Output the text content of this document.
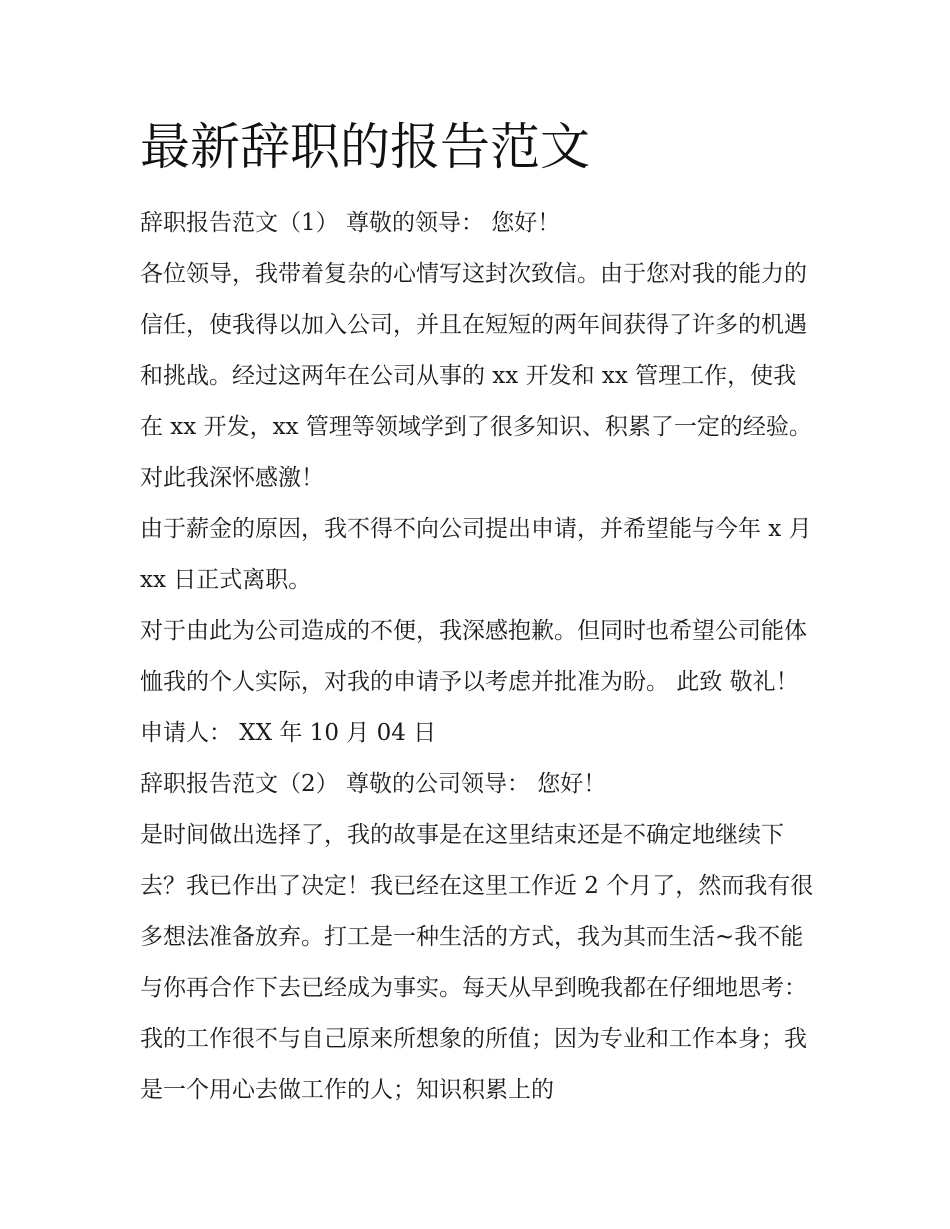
最新辞职的报告范文

辞职报告范文（1） 尊敬的领导： 您好！

各位领导，我带着复杂的心情写这封次致信。由于您对我的能力的信任，使我得以加入公司，并且在短短的两年间获得了许多的机遇和挑战。经过这两年在公司从事的 xx 开发和 xx 管理工作，使我在 xx 开发，xx 管理等领域学到了很多知识、积累了一定的经验。对此我深怀感激！

由于薪金的原因，我不得不向公司提出申请，并希望能与今年 x 月 xx 日正式离职。

对于由此为公司造成的不便，我深感抱歉。但同时也希望公司能体恤我的个人实际，对我的申请予以考虑并批准为盼。 此致 敬礼！ 申请人： XX 年 10 月 04 日

辞职报告范文（2） 尊敬的公司领导： 您好！

是时间做出选择了，我的故事是在这里结束还是不确定地继续下去？我已作出了决定！我已经在这里工作近 2 个月了，然而我有很多想法准备放弃。打工是一种生活的方式，我为其而生活~我不能与你再合作下去已经成为事实。每天从早到晚我都在仔细地思考：我的工作很不与自己原来所想象的所值；因为专业和工作本身；我是一个用心去做工作的人；知识积累上的
